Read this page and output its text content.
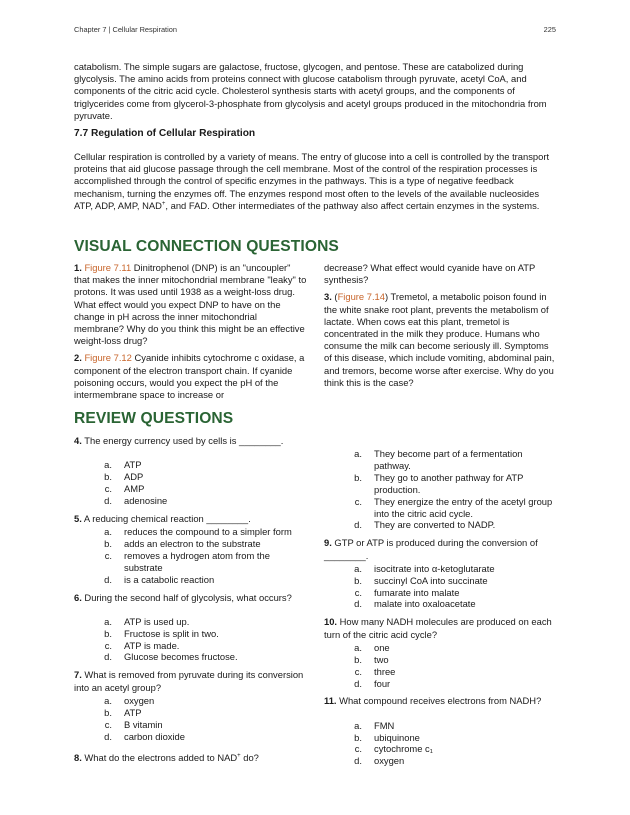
Chapter 7 | Cellular Respiration	225
catabolism. The simple sugars are galactose, fructose, glycogen, and pentose. These are catabolized during glycolysis. The amino acids from proteins connect with glucose catabolism through pyruvate, acetyl CoA, and components of the citric acid cycle. Cholesterol synthesis starts with acetyl groups, and the components of triglycerides come from glycerol-3-phosphate from glycolysis and acetyl groups produced in the mitochondria from pyruvate.
7.7 Regulation of Cellular Respiration
Cellular respiration is controlled by a variety of means. The entry of glucose into a cell is controlled by the transport proteins that aid glucose passage through the cell membrane. Most of the control of the respiration processes is accomplished through the control of specific enzymes in the pathways. This is a type of negative feedback mechanism, turning the enzymes off. The enzymes respond most often to the levels of the available nucleosides ATP, ADP, AMP, NAD+, and FAD. Other intermediates of the pathway also affect certain enzymes in the systems.
VISUAL CONNECTION QUESTIONS
1. Figure 7.11 Dinitrophenol (DNP) is an "uncoupler" that makes the inner mitochondrial membrane "leaky" to protons. It was used until 1938 as a weight-loss drug. What effect would you expect DNP to have on the change in pH across the inner mitochondrial membrane? Why do you think this might be an effective weight-loss drug?
2. Figure 7.12 Cyanide inhibits cytochrome c oxidase, a component of the electron transport chain. If cyanide poisoning occurs, would you expect the pH of the intermembrane space to increase or
decrease? What effect would cyanide have on ATP synthesis?
3. (Figure 7.14) Tremetol, a metabolic poison found in the white snake root plant, prevents the metabolism of lactate. When cows eat this plant, tremetol is concentrated in the milk they produce. Humans who consume the milk can become seriously ill. Symptoms of this disease, which include vomiting, abdominal pain, and tremors, become worse after exercise. Why do you think this is the case?
REVIEW QUESTIONS
4. The energy currency used by cells is ________.
a.	ATP
b.	ADP
c.	AMP
d.	adenosine
5. A reducing chemical reaction ________.
a.	reduces the compound to a simpler form
b.	adds an electron to the substrate
c.	removes a hydrogen atom from the substrate
d.	is a catabolic reaction
6. During the second half of glycolysis, what occurs?
a.	ATP is used up.
b.	Fructose is split in two.
c.	ATP is made.
d.	Glucose becomes fructose.
7. What is removed from pyruvate during its conversion into an acetyl group?
a.	oxygen
b.	ATP
c.	B vitamin
d.	carbon dioxide
8. What do the electrons added to NAD+ do?
a.	They become part of a fermentation pathway.
b.	They go to another pathway for ATP production.
c.	They energize the entry of the acetyl group into the citric acid cycle.
d.	They are converted to NADP.
9. GTP or ATP is produced during the conversion of ________.
a.	isocitrate into α-ketoglutarate
b.	succinyl CoA into succinate
c.	fumarate into malate
d.	malate into oxaloacetate
10. How many NADH molecules are produced on each turn of the citric acid cycle?
a.	one
b.	two
c.	three
d.	four
11. What compound receives electrons from NADH?
a.	FMN
b.	ubiquinone
c.	cytochrome c₁
d.	oxygen
